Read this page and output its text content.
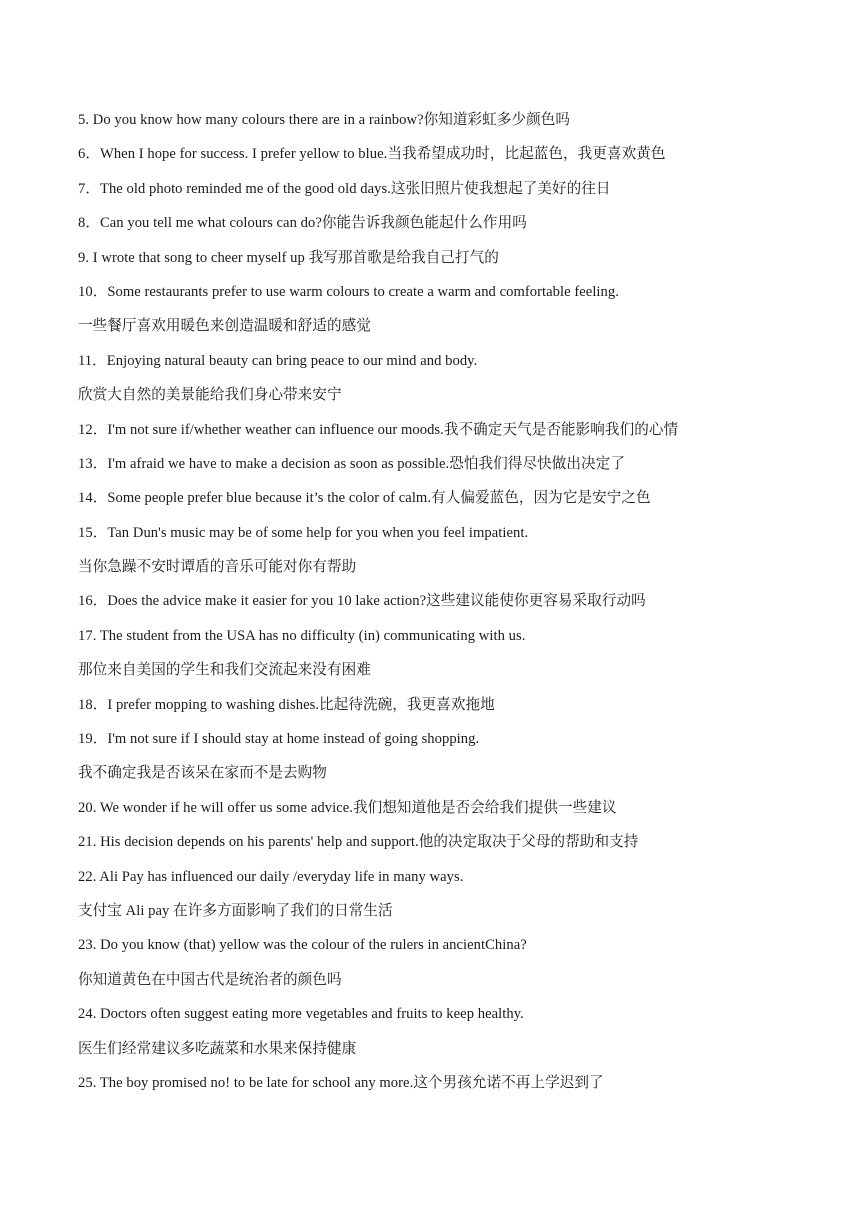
5. Do you know how many colours there are in a rainbow?你知道彩虹多少颜色吗
6．When I hope for success. I prefer yellow to blue.当我希望成功时，比起蓝色，我更喜欢黄色
7．The old photo reminded me of the good old days.这张旧照片使我想起了美好的往日
8．Can you tell me what colours can do?你能告诉我颜色能起什么作用吗
9. I wrote that song to cheer myself up 我写那首歌是给我自己打气的
10．Some restaurants prefer to use warm colours to create a warm and comfortable feeling.
一些餐厅喜欢用暖色来创造温暖和舒适的感觉
11．Enjoying natural beauty can bring peace to our mind and body.
欣赏大自然的美景能给我们身心带来安宁
12．I'm not sure if/whether weather can influence our moods.我不确定天气是否能影响我们的心情
13．I'm afraid we have to make a decision as soon as possible.恐怕我们得尽快做出决定了
14．Some people prefer blue because it’s the color of calm.有人偏爱蓝色，因为它是安宁之色
15．Tan Dun's music may be of some help for you when you feel impatient.
当你急躁不安时谭盾的音乐可能对你有帮助
16．Does the advice make it easier for you 10 lake action?这些建议能使你更容易采取行动吗
17. The student from the USA has no difficulty (in) communicating with us.
那位来自美国的学生和我们交流起来没有困难
18．I prefer mopping to washing dishes.比起待洗碗，我更喜欢拖地
19．I'm not sure if I should stay at home instead of going shopping.
我不确定我是否该呆在家而不是去购物
20. We wonder if he will offer us some advice.我们想知道他是否会给我们提供一些建议
21. His decision depends on his parents' help and support.他的决定取决于父母的帮助和支持
22. Ali Pay has influenced our daily /everyday life in many ways.
支付宝 Ali pay 在许多方面影响了我们的日常生活
23. Do you know (that) yellow was the colour of the rulers in ancientChina?
你知道黄色在中国古代是统治者的颜色吗
24. Doctors often suggest eating more vegetables and fruits to keep healthy.
医生们经常建议多吃蔬菜和水果来保持健康
25. The boy promised no! to be late for school any more.这个男孩允诺不再上学迟到了
